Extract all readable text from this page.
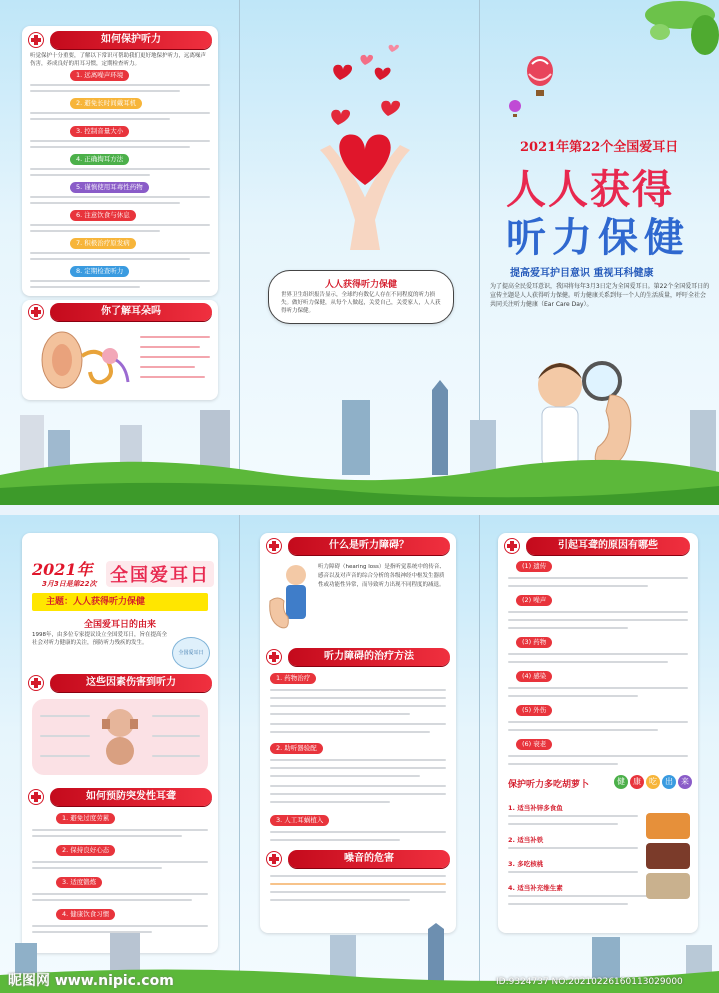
如何保护听力
听觉保护十分重要，了解以下常识可帮助我们更好地保护听力，远离噪声伤害，养成良好的用耳习惯，定期检查听力。
1. 远离噪声环境
2. 避免长时间戴耳机
3. 控制音量大小
4. 正确掏耳方法
5. 谨慎使用耳毒性药物
6. 注意饮食与休息
7. 积极治疗原发病
8. 定期检查听力
你了解耳朵吗
人人获得听力保健
世界卫生组织报告显示，全球约有数亿人存在不同程度的听力损失。做好听力保健，从每个人做起，关爱自己，关爱家人，人人获得听力保健。
2021年第22个全国爱耳日
人人获得
听力保健
提高爱耳护目意识 重视耳科健康
为了提高全民爱耳意识，我国将每年3月3日定为全国爱耳日。第22个全国爱耳日的宣传主题是人人获得听力保健。听力健康关系到每一个人的生活质量，呼吁全社会共同关注听力健康（Ear Care Day）。
2021年
3月3日是第22次 全国爱耳日
主题：人人获得听力保健
全国爱耳日的由来
1998年，由多位专家提议设立全国爱耳日，旨在提高全社会对听力健康的关注，预防听力残疾的发生。
全国爱耳日
这些因素伤害到听力
如何预防突发性耳聋
1. 避免过度劳累
2. 保持良好心态
3. 适度锻炼
4. 健康饮食习惯
什么是听力障碍？
听力障碍（hearing loss）是指听觉系统中的传音、感音以及对声音的综合分析的各级神经中枢发生器质性或功能性异常，而导致听力出现不同程度的减退。
听力障碍的治疗方法
1. 药物治疗
2. 助听器验配
3. 人工耳蜗植入
噪音的危害
引起耳聋的原因有哪些
(1) 遗传
(2) 噪声
(3) 药物
(4) 感染
(5) 外伤
(6) 衰老
保护听力多吃胡萝卜	健	康	吃	出	来
1. 适当补锌多食鱼
2. 适当补铁
3. 多吃核桃
4. 适当补充维生素
昵图网 www.nipic.com	ID:9324737 NO:20210226160113029000
